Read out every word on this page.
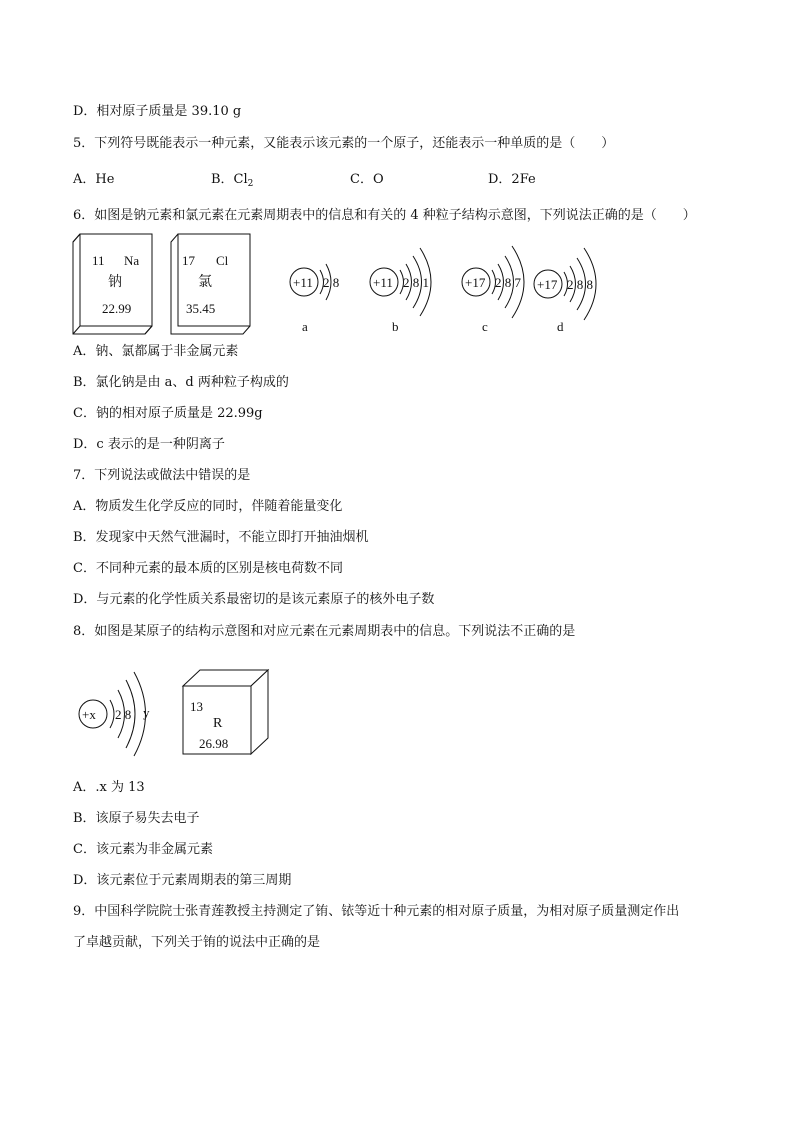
D．相对原子质量是 39.10 g
5．下列符号既能表示一种元素，又能表示该元素的一个原子，还能表示一种单质的是（　　）
A．He	B．$Cl_2$	C．O	D．2Fe
6．如图是钠元素和氯元素在元素周期表中的信息和有关的 4 种粒子结构示意图，下列说法正确的是（　　）
11 Na
钠
22.99
17 Cl
氯
35.45
+11 2 8
a
+11 2 8 1
b
+17 2 8 7
c
+17 2 8 8
d
A．钠、氯都属于非金属元素
B．氯化钠是由 a、d 两种粒子构成的
C．钠的相对原子质量是 22.99g
D．c 表示的是一种阴离子
7．下列说法或做法中错误的是
A．物质发生化学反应的同时，伴随着能量变化
B．发现家中天然气泄漏时，不能立即打开抽油烟机
C．不同种元素的最本质的区别是核电荷数不同
D．与元素的化学性质关系最密切的是该元素原子的核外电子数
8．如图是某原子的结构示意图和对应元素在元素周期表中的信息。下列说法不正确的是
+x 2 8 y	13
R
26.98
A．.x 为 13
B．该原子易失去电子
C．该元素为非金属元素
D．该元素位于元素周期表的第三周期
9．中国科学院院士张青莲教授主持测定了铕、铱等近十种元素的相对原子质量，为相对原子质量测定作出
了卓越贡献，下列关于铕的说法中正确的是
